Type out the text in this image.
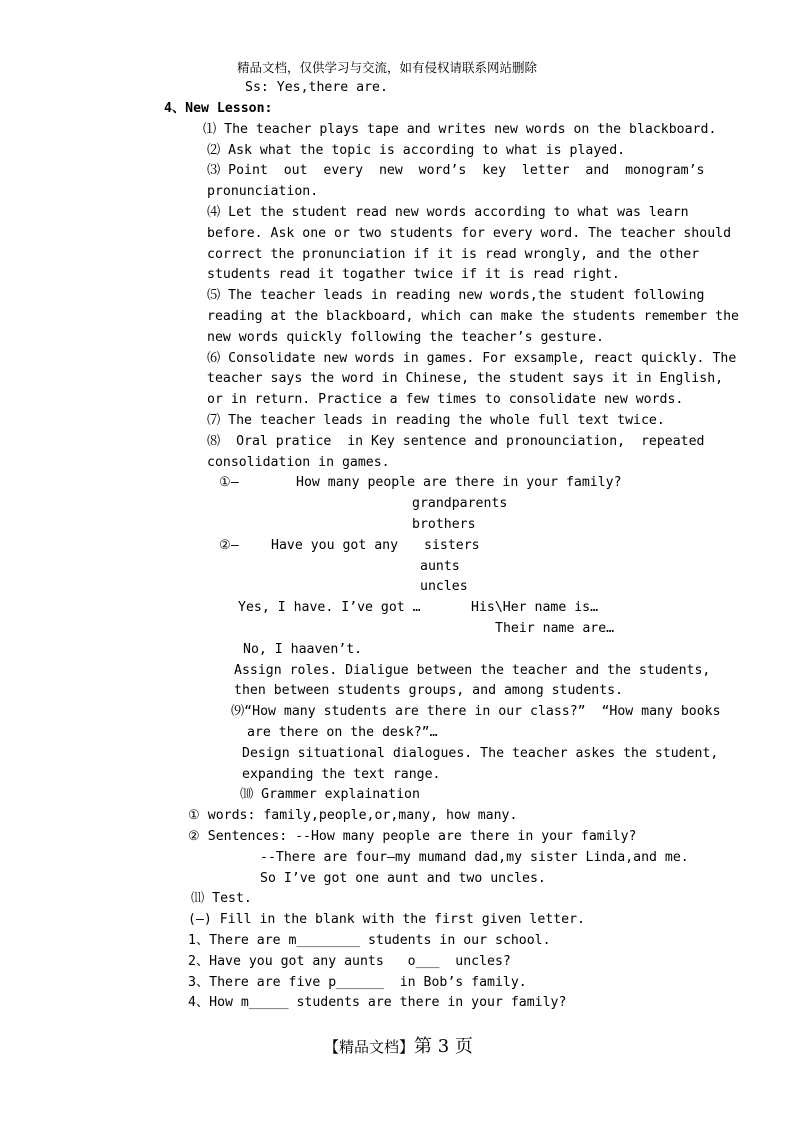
精品文档，仅供学习与交流，如有侵权请联系网站删除
Ss: Yes,there are.
4、New Lesson:
⑴ The teacher plays tape and writes new words on the blackboard.
⑵ Ask what the topic is according to what is played.
⑶ Point  out  every  new  word’s  key  letter  and  monogram’s
pronunciation.
⑷ Let the student read new words according to what was learn
before. Ask one or two students for every word. The teacher should
correct the pronunciation if it is read wrongly, and the other
students read it togather twice if it is read right.
⑸ The teacher leads in reading new words,the student following
reading at the blackboard, which can make the students remember the
new words quickly following the teacher’s gesture.
⑹ Consolidate new words in games. For exsample, react quickly. The
teacher says the word in Chinese, the student says it in English,
or in return. Practice a few times to consolidate new words.
⑺ The teacher leads in reading the whole full text twice.
⑻  Oral pratice  in Key sentence and pronounciation,  repeated
consolidation in games.
①—	How many people are there in your family?
grandparents
brothers
②— Have you got any sisters
aunts
uncles
Yes, I have. I’ve got …	His\Her name is…
Their name are…
No, I haaven’t.
Assign roles. Dialigue between the teacher and the students,
then between students groups, and among students.
⑼“How many students are there in our class?”  “How many books
are there on the desk?”…
Design situational dialogues. The teacher askes the student,
expanding the text range.
⑽ Grammer explaination
① words: family,people,or,many, how many.
② Sentences: --How many people are there in your family?
--There are four—my mumand dad,my sister Linda,and me.
So I’ve got one aunt and two uncles.
⑾ Test.
(—) Fill in the blank with the first given letter.
1、There are m________ students in our school.
2、Have you got any aunts   o___  uncles?
3、There are five p______  in Bob’s family.
4、How m_____ students are there in your family?
【精品文档】第 3 页
